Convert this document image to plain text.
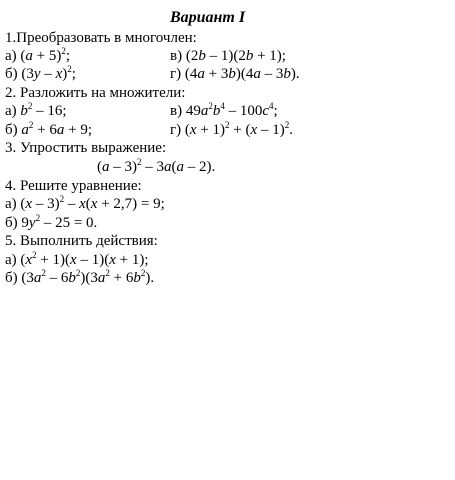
Вариант I
1.Преобразовать в многочлен:
а) $(a + 5)^2$;	в) (2b – 1)(2b + 1);
б) (3y – x)$^2$;	г) (4a + 3b)(4a – 3b).
2. Разложить на множители:
а) $b^2 - 16$;	в) $49a^2b^4 - 100c^4$;
б) $a^2 + 6a + 9$;	г) $(x + 1)^2 + (x - 1)^2$.
3. Упростить выражение:
(a – 3)$^2$ – 3a(a – 2).
4. Решите уравнение:
а) (x – 3)$^2$ – x(x + 2,7) = 9;
б) $9y^2 - 25 = 0$.
5. Выполнить действия:
а) $(x^2 + 1)(x - 1)(x + 1)$;
б) $(3a^2 - 6b^2)(3a^2 + 6b^2)$.
